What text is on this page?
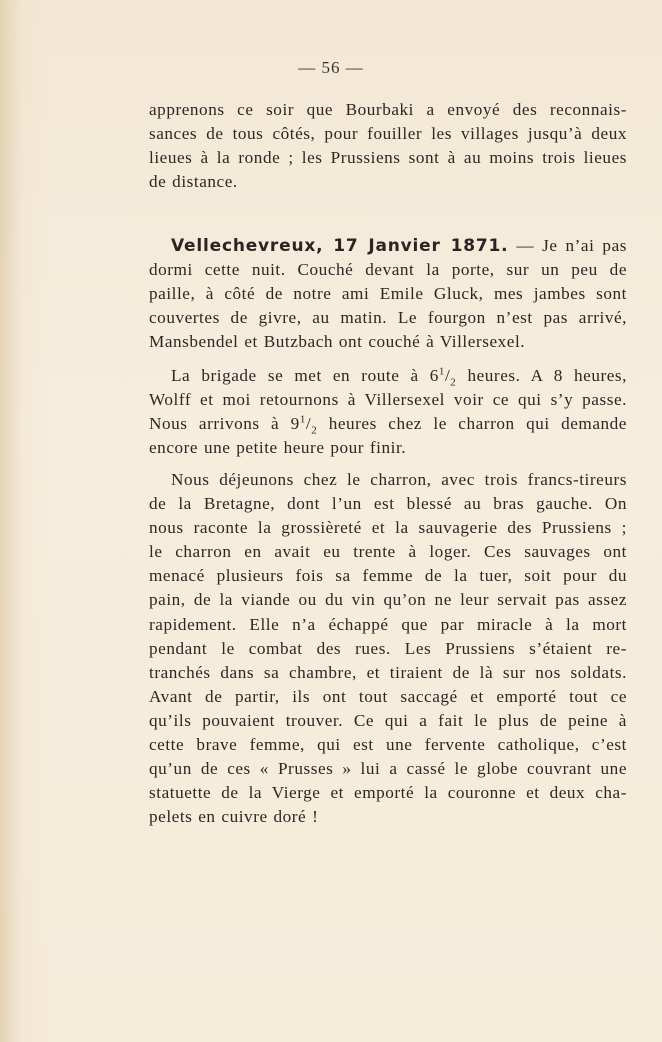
— 56 —
apprenons ce soir que Bourbaki a envoyé des reconnais-
sances de tous côtés, pour fouiller les villages jusqu’à deux
lieues à la ronde ; les Prussiens sont à au moins trois lieues
de distance.
Vellechevreux, 17 Janvier 1871. — Je n’ai pas
dormi cette nuit. Couché devant la porte, sur un peu de
paille, à côté de notre ami Emile Gluck, mes jambes sont
couvertes de givre, au matin. Le fourgon n’est pas arrivé,
Mansbendel et Butzbach ont couché à Villersexel.
La brigade se met en route à $6^1/_2$ heures. A 8 heures,
Wolff et moi retournons à Villersexel voir ce qui s’y passe.
Nous arrivons à $9^1/_2$ heures chez le charron qui demande
encore une petite heure pour finir.
Nous déjeunons chez le charron, avec trois francs-tireurs
de la Bretagne, dont l’un est blessé au bras gauche. On
nous raconte la grossièreté et la sauvagerie des Prussiens ;
le charron en avait eu trente à loger. Ces sauvages ont
menacé plusieurs fois sa femme de la tuer, soit pour du
pain, de la viande ou du vin qu’on ne leur servait pas assez
rapidement. Elle n’a échappé que par miracle à la mort
pendant le combat des rues. Les Prussiens s’étaient re-
tranchés dans sa chambre, et tiraient de là sur nos soldats.
Avant de partir, ils ont tout saccagé et emporté tout ce
qu’ils pouvaient trouver. Ce qui a fait le plus de peine à
cette brave femme, qui est une fervente catholique, c’est
qu’un de ces « Prusses » lui a cassé le globe couvrant une
statuette de la Vierge et emporté la couronne et deux cha-
pelets en cuivre doré !
